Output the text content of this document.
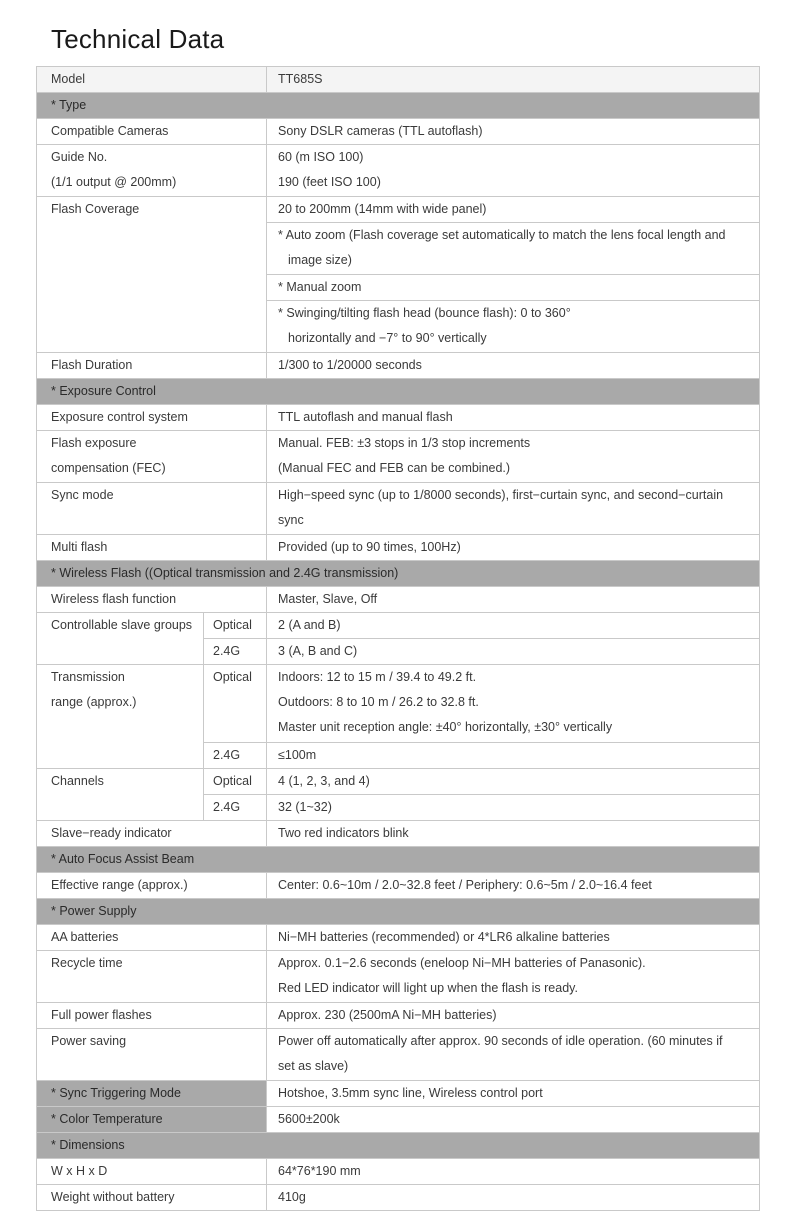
Technical Data
Model		TT685S
* Type		
Compatible Cameras		Sony DSLR cameras (TTL autoflash)

Guide No.
(1/1 output @ 200mm)		60 (m ISO 100)
190 (feet ISO 100)

Flash Coverage		20 to 200mm (14mm with wide panel)

		* Auto zoom (Flash coverage set automatically to match the lens focal length and
image size)

		* Manual zoom

		* Swinging/tilting flash head (bounce flash): 0 to 360°
horizontally and −7° to 90° vertically

Flash Duration		1/300 to 1/20000 seconds
* Exposure Control		
Exposure control system		TTL autoflash and manual flash

Flash exposure
compensation (FEC)		Manual. FEB: ±3 stops in 1/3 stop increments
(Manual FEC and FEB can be combined.)

Sync mode		High−speed sync (up to 1/8000 seconds), first−curtain sync, and second−curtain
sync

Multi flash		Provided (up to 90 times, 100Hz)
* Wireless Flash ((Optical transmission and 2.4G transmission)		
Wireless flash function		Master, Slave, Off
Controllable slave groups	Optical	2 (A and B)
	2.4G	3 (A, B and C)

Transmission
range (approx.)	Optical	Indoors: 12 to 15 m / 39.4 to 49.2 ft.
Outdoors: 8 to 10 m / 26.2 to 32.8 ft.
Master unit reception angle: ±40° horizontally, ±30° vertically

	2.4G	≤100m
Channels	Optical	4 (1, 2, 3, and 4)
	2.4G	32 (1~32)
Slave−ready indicator		Two red indicators blink
* Auto Focus Assist Beam		
Effective range (approx.)		Center: 0.6~10m / 2.0~32.8 feet / Periphery: 0.6~5m / 2.0~16.4 feet
* Power Supply		
AA batteries		Ni−MH batteries (recommended) or 4*LR6 alkaline batteries
Recycle time		Approx. 0.1−2.6 seconds (eneloop Ni−MH batteries of Panasonic).
Red LED indicator will light up when the flash is ready.

Full power flashes		Approx. 230 (2500mA Ni−MH batteries)
Power saving		Power off automatically after approx. 90 seconds of idle operation. (60 minutes if
set as slave)

* Sync Triggering Mode		Hotshoe, 3.5mm sync line, Wireless control port
* Color Temperature		5600±200k
* Dimensions		
W x H x D		64*76*190 mm
Weight without battery		410g
